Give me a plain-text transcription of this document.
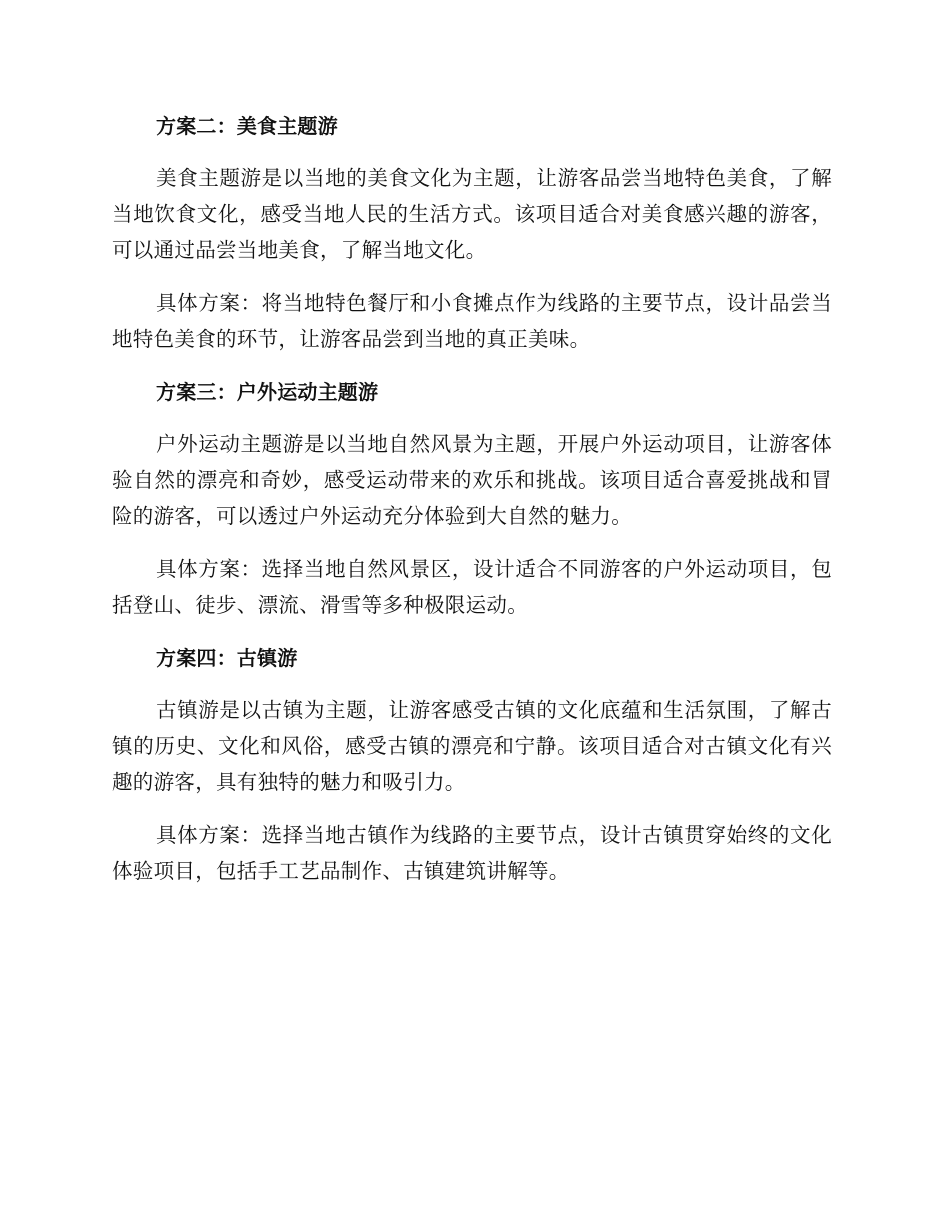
方案二：美食主题游

美食主题游是以当地的美食文化为主题，让游客品尝当地特色美食，了解当地饮食文化，感受当地人民的生活方式。该项目适合对美食感兴趣的游客，可以通过品尝当地美食，了解当地文化。

具体方案：将当地特色餐厅和小食摊点作为线路的主要节点，设计品尝当地特色美食的环节，让游客品尝到当地的真正美味。

方案三：户外运动主题游

户外运动主题游是以当地自然风景为主题，开展户外运动项目，让游客体验自然的漂亮和奇妙，感受运动带来的欢乐和挑战。该项目适合喜爱挑战和冒险的游客，可以透过户外运动充分体验到大自然的魅力。

具体方案：选择当地自然风景区，设计适合不同游客的户外运动项目，包括登山、徒步、漂流、滑雪等多种极限运动。

方案四：古镇游

古镇游是以古镇为主题，让游客感受古镇的文化底蕴和生活氛围，了解古镇的历史、文化和风俗，感受古镇的漂亮和宁静。该项目适合对古镇文化有兴趣的游客，具有独特的魅力和吸引力。

具体方案：选择当地古镇作为线路的主要节点，设计古镇贯穿始终的文化体验项目，包括手工艺品制作、古镇建筑讲解等。
